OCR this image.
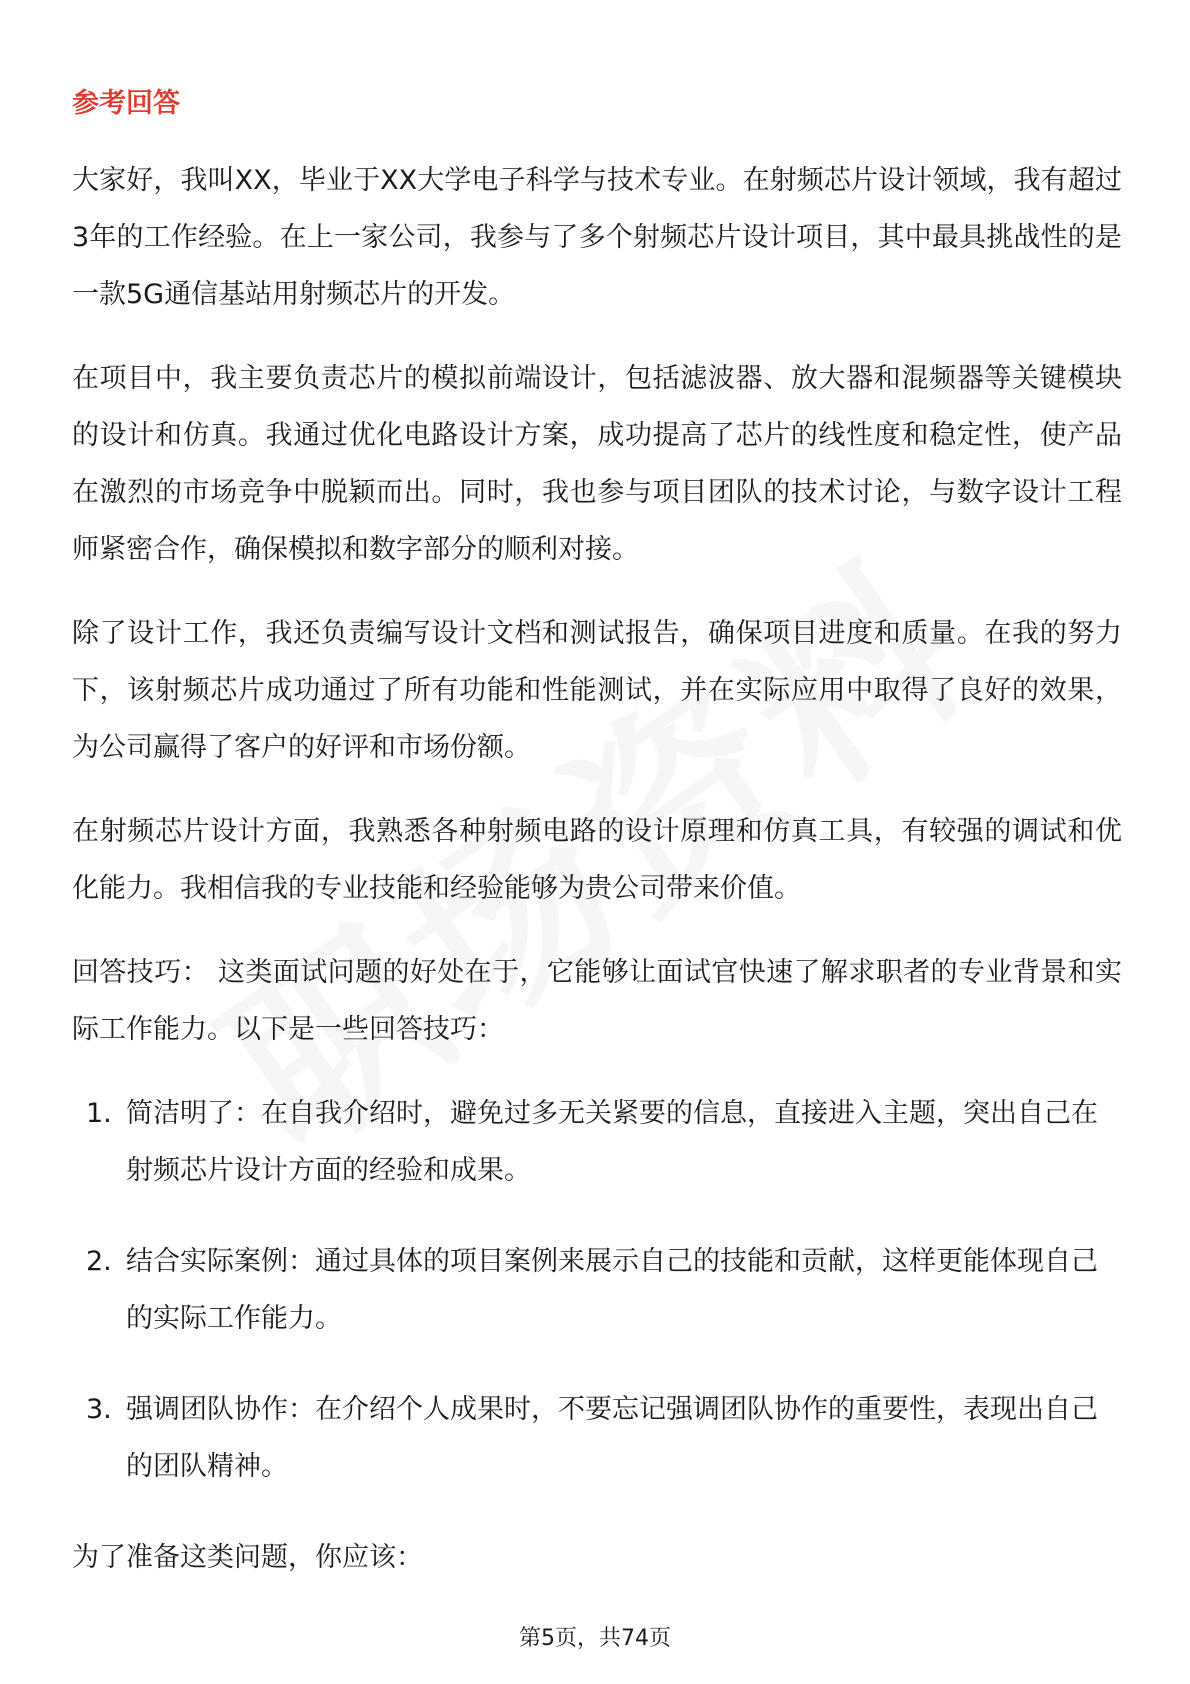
参考回答

大家好，我叫XX，毕业于XX大学电子科学与技术专业。在射频芯片设计领域，我有超过3年的工作经验。在上一家公司，我参与了多个射频芯片设计项目，其中最具挑战性的是一款5G通信基站用射频芯片的开发。

在项目中，我主要负责芯片的模拟前端设计，包括滤波器、放大器和混频器等关键模块的设计和仿真。我通过优化电路设计方案，成功提高了芯片的线性度和稳定性，使产品在激烈的市场竞争中脱颖而出。同时，我也参与项目团队的技术讨论，与数字设计工程师紧密合作，确保模拟和数字部分的顺利对接。

除了设计工作，我还负责编写设计文档和测试报告，确保项目进度和质量。在我的努力下，该射频芯片成功通过了所有功能和性能测试，并在实际应用中取得了良好的效果，为公司赢得了客户的好评和市场份额。

在射频芯片设计方面，我熟悉各种射频电路的设计原理和仿真工具，有较强的调试和优化能力。我相信我的专业技能和经验能够为贵公司带来价值。

回答技巧： 这类面试问题的好处在于，它能够让面试官快速了解求职者的专业背景和实际工作能力。以下是一些回答技巧：

1. 简洁明了：在自我介绍时，避免过多无关紧要的信息，直接进入主题，突出自己在射频芯片设计方面的经验和成果。
2. 结合实际案例：通过具体的项目案例来展示自己的技能和贡献，这样更能体现自己的实际工作能力。
3. 强调团队协作：在介绍个人成果时，不要忘记强调团队协作的重要性，表现出自己的团队精神。

为了准备这类问题，你应该：

第5页，共74页
